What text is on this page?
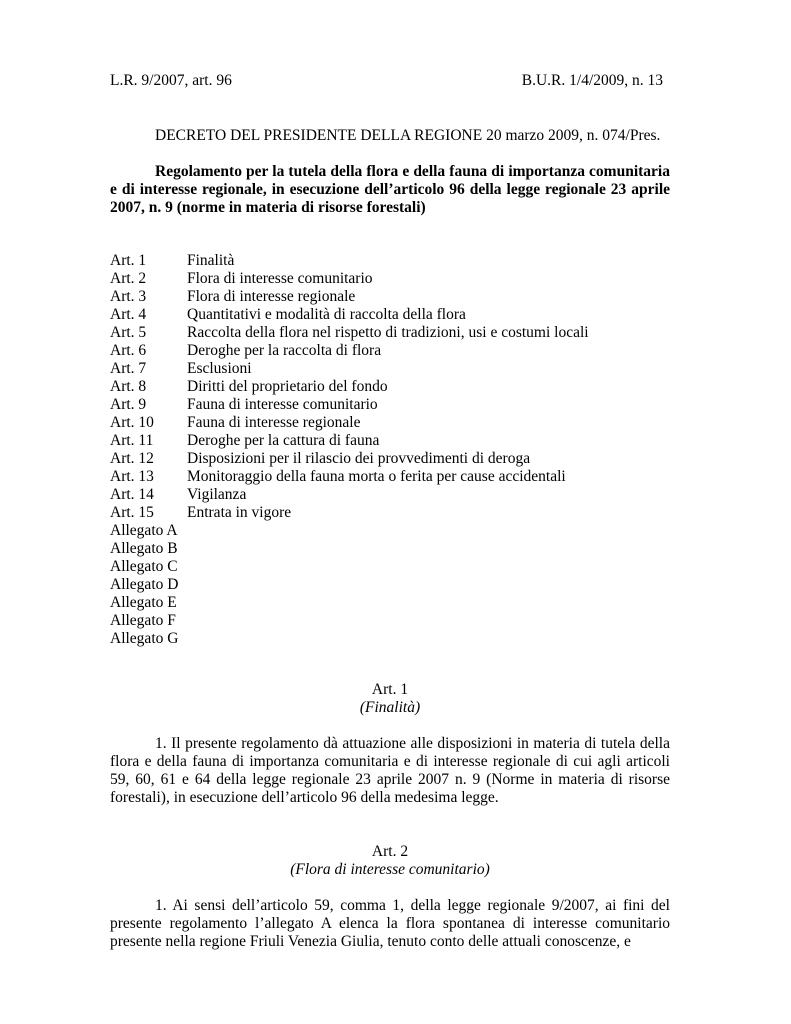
L.R. 9/2007, art. 96	B.U.R. 1/4/2009, n. 13
DECRETO DEL PRESIDENTE DELLA REGIONE 20 marzo 2009, n. 074/Pres.
Regolamento per la tutela della flora e della fauna di importanza comunitaria e di interesse regionale, in esecuzione dell’articolo 96 della legge regionale 23 aprile 2007, n. 9 (norme in materia di risorse forestali)
Art. 1	Finalità
Art. 2	Flora di interesse comunitario
Art. 3	Flora di interesse regionale
Art. 4	Quantitativi e modalità di raccolta della flora
Art. 5	Raccolta della flora nel rispetto di tradizioni, usi e costumi locali
Art. 6	Deroghe per la raccolta di flora
Art. 7	Esclusioni
Art. 8	Diritti del proprietario del fondo
Art. 9	Fauna di interesse comunitario
Art. 10 Fauna di interesse regionale
Art. 11 Deroghe per la cattura di fauna
Art. 12 Disposizioni per il rilascio dei provvedimenti di deroga
Art. 13 Monitoraggio della fauna morta o ferita per cause accidentali
Art. 14 Vigilanza
Art. 15 Entrata in vigore
Allegato A
Allegato B
Allegato C
Allegato D
Allegato E
Allegato F
Allegato G
Art. 1
(Finalità)
1. Il presente regolamento dà attuazione alle disposizioni in materia di tutela della flora e della fauna di importanza comunitaria e di interesse regionale di cui agli articoli 59, 60, 61 e 64 della legge regionale 23 aprile 2007 n. 9 (Norme in materia di risorse forestali), in esecuzione dell’articolo 96 della medesima legge.
Art. 2
(Flora di interesse comunitario)
1. Ai sensi dell’articolo 59, comma 1, della legge regionale 9/2007, ai fini del presente regolamento l’allegato A elenca la flora spontanea di interesse comunitario presente nella regione Friuli Venezia Giulia, tenuto conto delle attuali conoscenze, e
